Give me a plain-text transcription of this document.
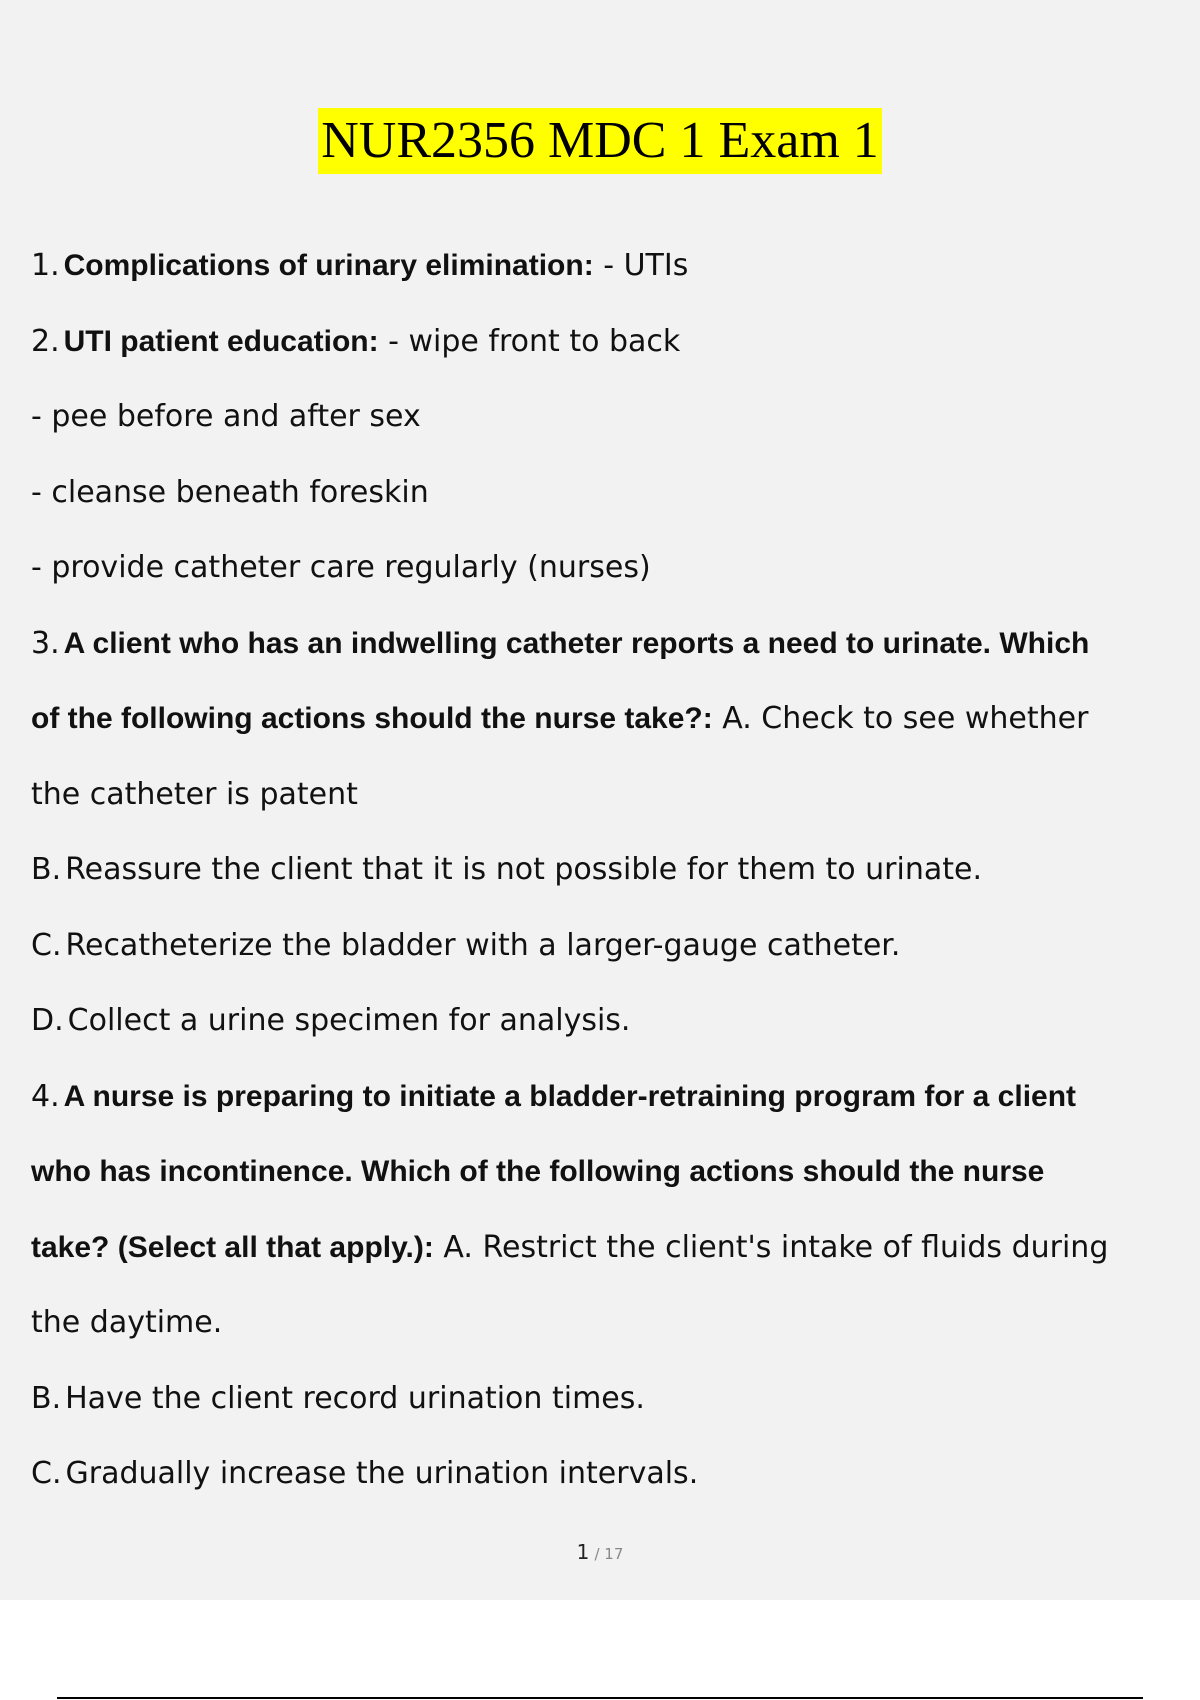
NUR2356 MDC 1 Exam 1
1. Complications of urinary elimination: - UTIs
2. UTI patient education: - wipe front to back
- pee before and after sex
- cleanse beneath foreskin
- provide catheter care regularly (nurses)
3. A client who has an indwelling catheter reports a need to urinate. Which
of the following actions should the nurse take?: A. Check to see whether
the catheter is patent
B. Reassure the client that it is not possible for them to urinate.
C. Recatheterize the bladder with a larger-gauge catheter.
D. Collect a urine specimen for analysis.
4. A nurse is preparing to initiate a bladder-retraining program for a client
who has incontinence. Which of the following actions should the nurse
take? (Select all that apply.): A. Restrict the client's intake of fluids during
the daytime.
B. Have the client record urination times.
C. Gradually increase the urination intervals.
1 / 17
